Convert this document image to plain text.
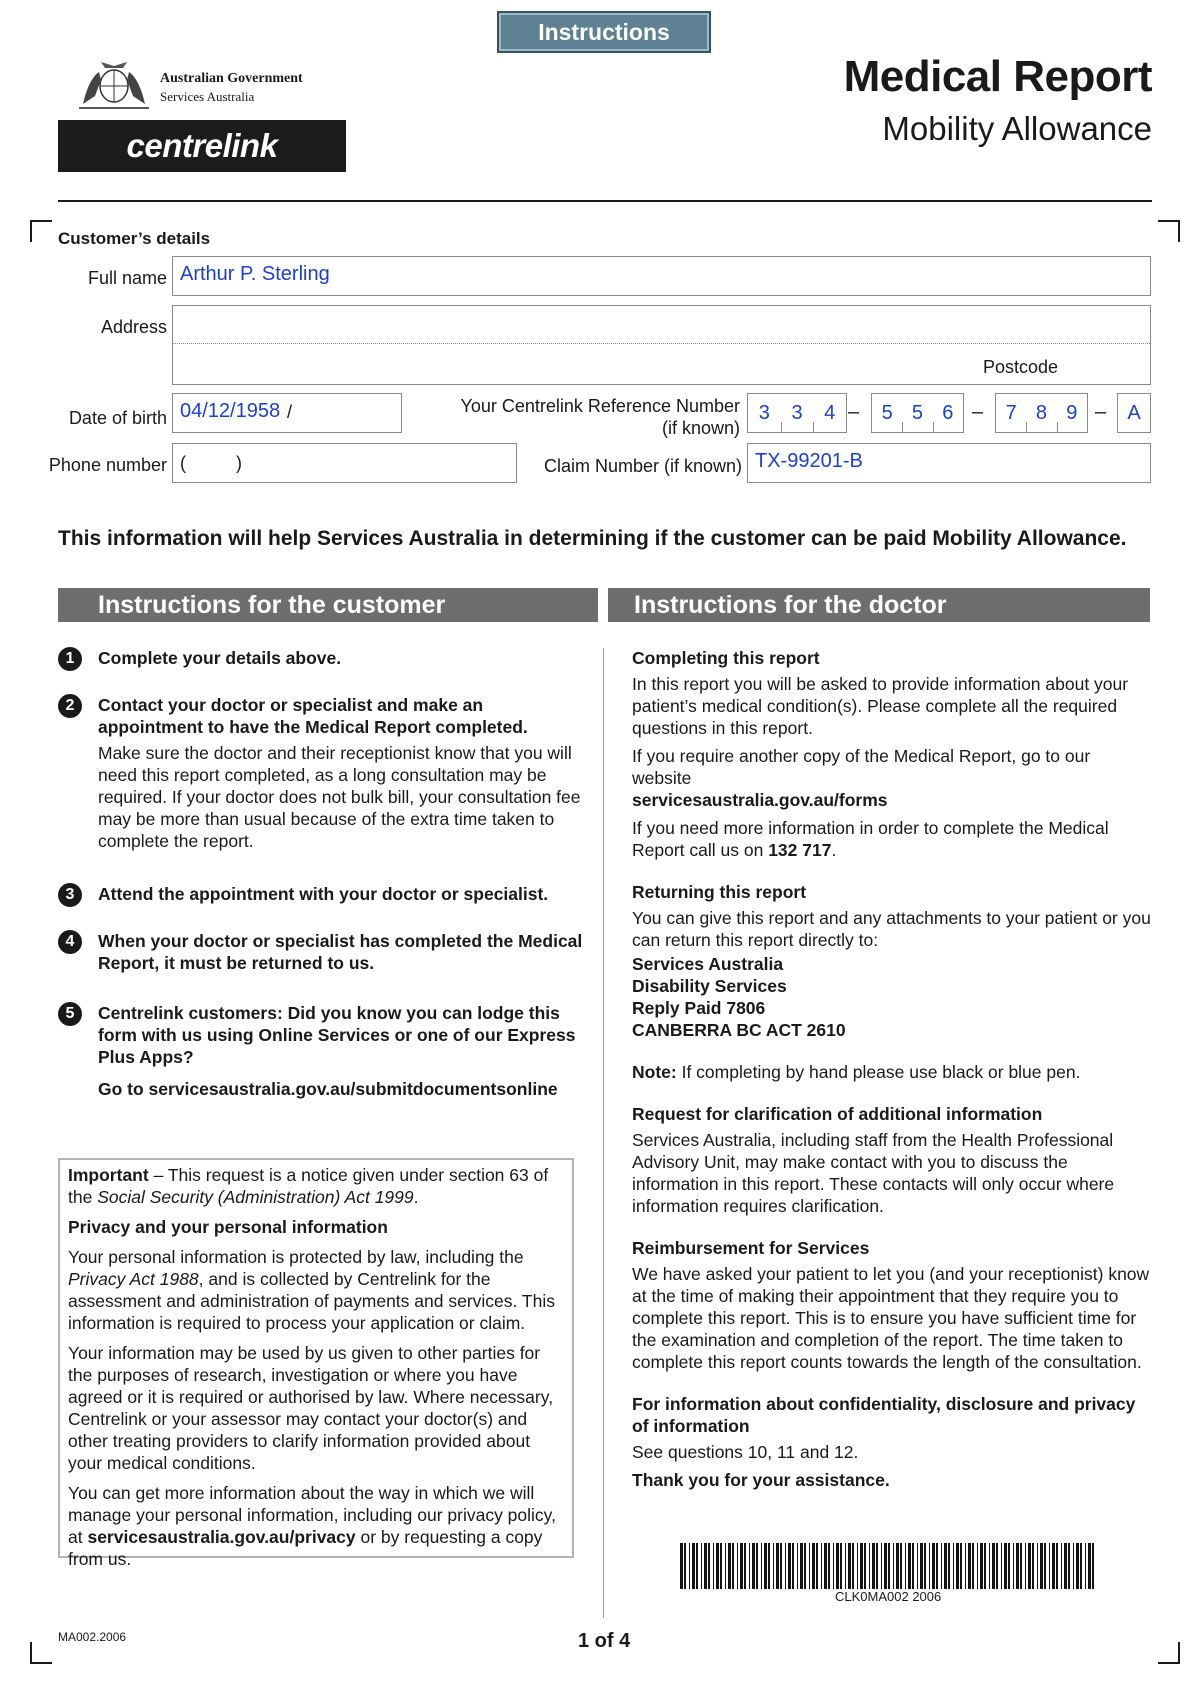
Instructions
Australian Government
Services Australia
centrelink
Medical Report
Mobility Allowance
Customer’s details
Full name Arthur P. Sterling
Address
Postcode
Date of birth 04/12/1958 /	Your Centrelink Reference Number
(if known)
3	3	4 –	5 5 6 –	7 8 9 –	A
Phone number (	)	Claim Number (if known) TX-99201-B
This information will help Services Australia in determining if the customer can be paid Mobility Allowance.
Instructions for the customer	Instructions for the doctor
1	Complete your details above.
2	Contact your doctor or specialist and make an appointment to have the Medical Report completed.
Make sure the doctor and their receptionist know that you will need this report completed, as a long consultation may be required. If your doctor does not bulk bill, your consultation fee may be more than usual because of the extra time taken to complete the report.
3	Attend the appointment with your doctor or specialist.
4	When your doctor or specialist has completed the Medical Report, it must be returned to us.
5	Centrelink customers: Did you know you can lodge this form with us using Online Services or one of our Express Plus Apps?
Go to servicesaustralia.gov.au/submitdocumentsonline

Important – This request is a notice given under section 63 of the Social Security (Administration) Act 1999.

Privacy and your personal information

Your personal information is protected by law, including the Privacy Act 1988, and is collected by Centrelink for the assessment and administration of payments and services. This information is required to process your application or claim.

Your information may be used by us given to other parties for the purposes of research, investigation or where you have agreed or it is required or authorised by law. Where necessary, Centrelink or your assessor may contact your doctor(s) and other treating providers to clarify information provided about your medical conditions.

You can get more information about the way in which we will manage your personal information, including our privacy policy, at servicesaustralia.gov.au/privacy or by requesting a copy from us.

Completing this report

In this report you will be asked to provide information about your patient’s medical condition(s). Please complete all the required questions in this report.

If you require another copy of the Medical Report, go to our website
servicesaustralia.gov.au/forms

If you need more information in order to complete the Medical Report call us on 132 717.

Returning this report

You can give this report and any attachments to your patient or you can return this report directly to:

Services Australia
Disability Services
Reply Paid 7806
CANBERRA BC ACT 2610

Note: If completing by hand please use black or blue pen.

Request for clarification of additional information

Services Australia, including staff from the Health Professional Advisory Unit, may make contact with you to discuss the information in this report. These contacts will only occur where information requires clarification.

Reimbursement for Services

We have asked your patient to let you (and your receptionist) know at the time of making their appointment that they require you to complete this report. This is to ensure you have sufficient time for the examination and completion of the report. The time taken to complete this report counts towards the length of the consultation.

For information about confidentiality, disclosure and privacy of information

See questions 10, 11 and 12.

Thank you for your assistance.

CLK0MA002 2006
MA002.2006	1 of 4
